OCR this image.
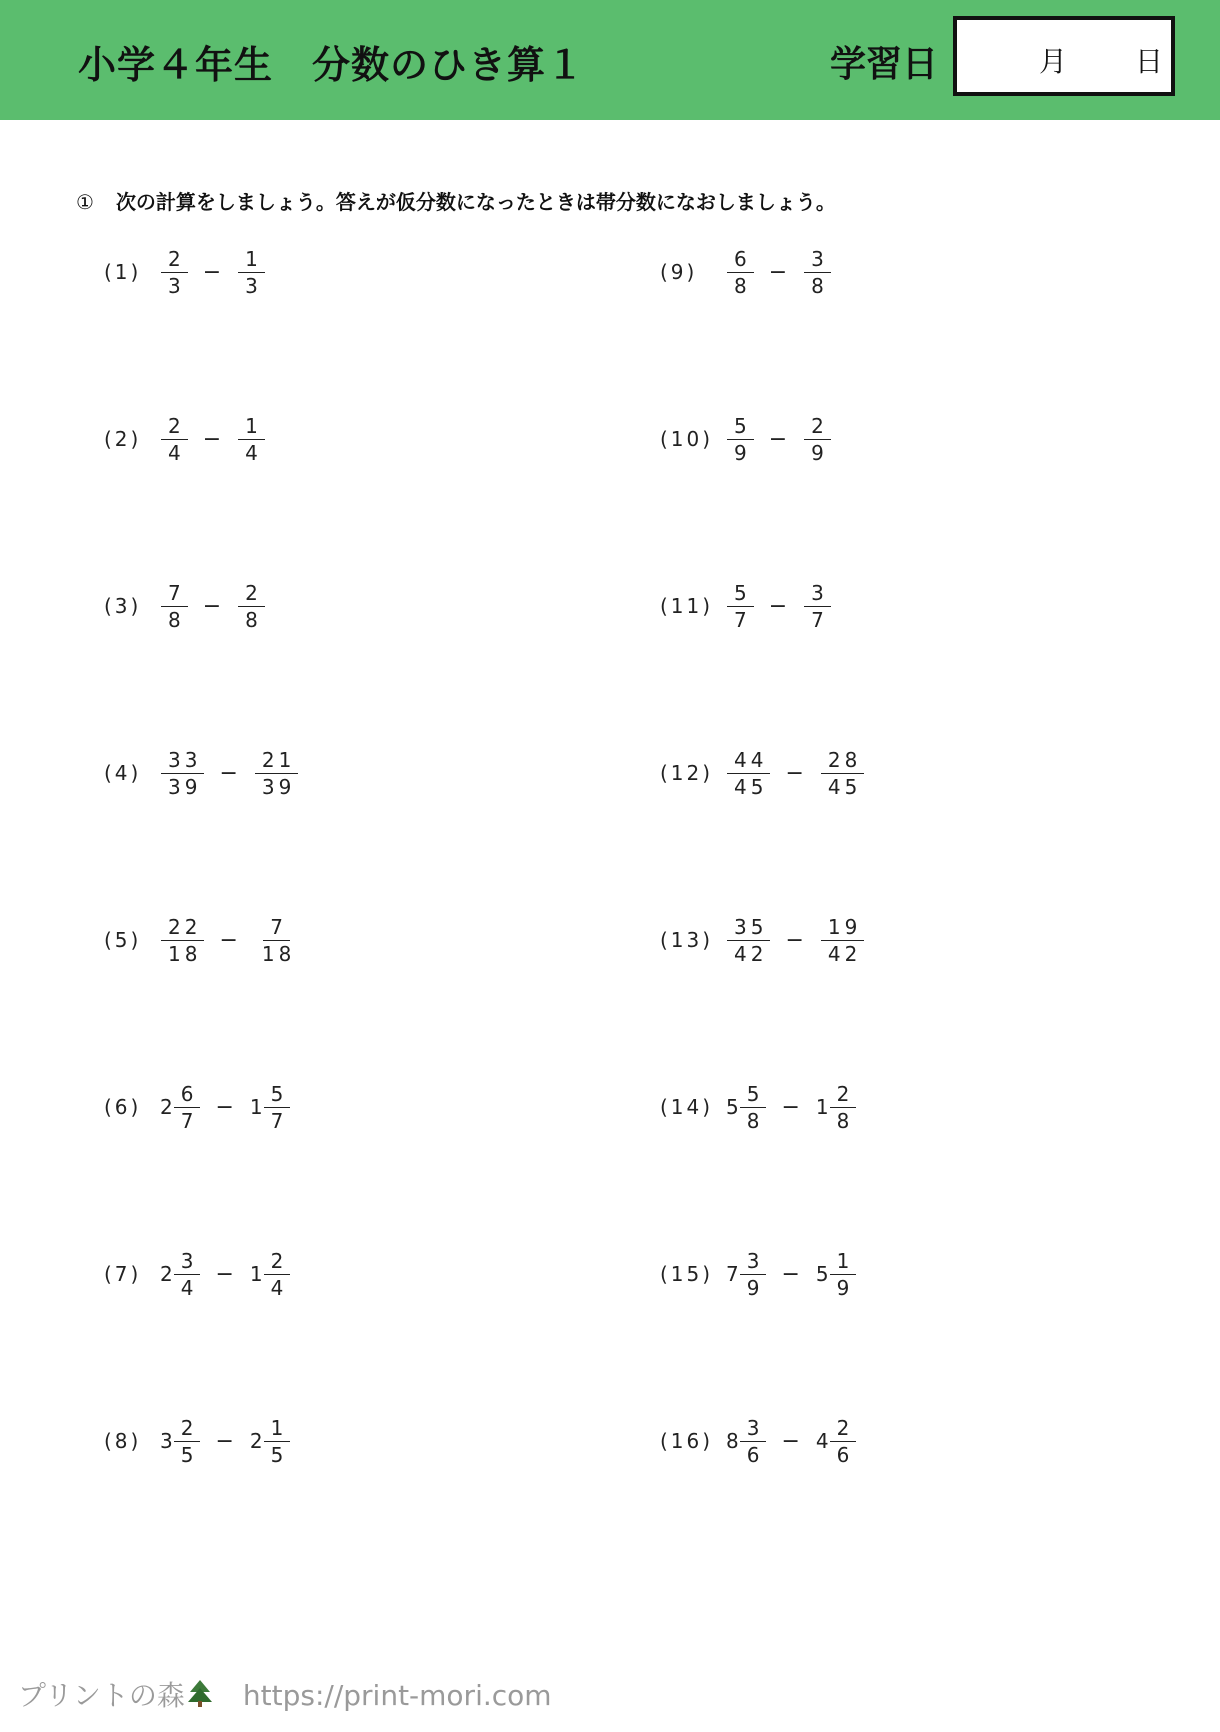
小学４年生　分数のひき算１	学習日	月 日
① 次の計算をしましょう。答えが仮分数になったときは帯分数になおしましょう。
$(1) \frac{2}{3} - \frac{1}{3}$
$(2) \frac{2}{4} - \frac{1}{4}$
$(3) \frac{7}{8} - \frac{2}{8}$
$(4) \frac{33}{39} - \frac{21}{39}$
$(5) \frac{22}{18} - \frac{7}{18}$
(6) $2 \frac{6}{7} - 1 \frac{5}{7}$
(7) $2 \frac{3}{4} - 1 \frac{2}{4}$
(8) $3 \frac{2}{5} - 2 \frac{1}{5}$
(9)	$\frac{6}{8} - \frac{3}{8}$
$(10) \frac{5}{9} - \frac{2}{9}$
$(11) \frac{5}{7} - \frac{3}{7}$
$(12) \frac{44}{45} - \frac{28}{45}$
$(13) \frac{35}{42} - \frac{19}{42}$
(14) $5 \frac{5}{8} - 1 \frac{2}{8}$
(15) $7 \frac{3}{9} - 5 \frac{1}{9}$
(16) $8 \frac{3}{6} - 4 \frac{2}{6}$
プリントの森 https://print-mori.com
